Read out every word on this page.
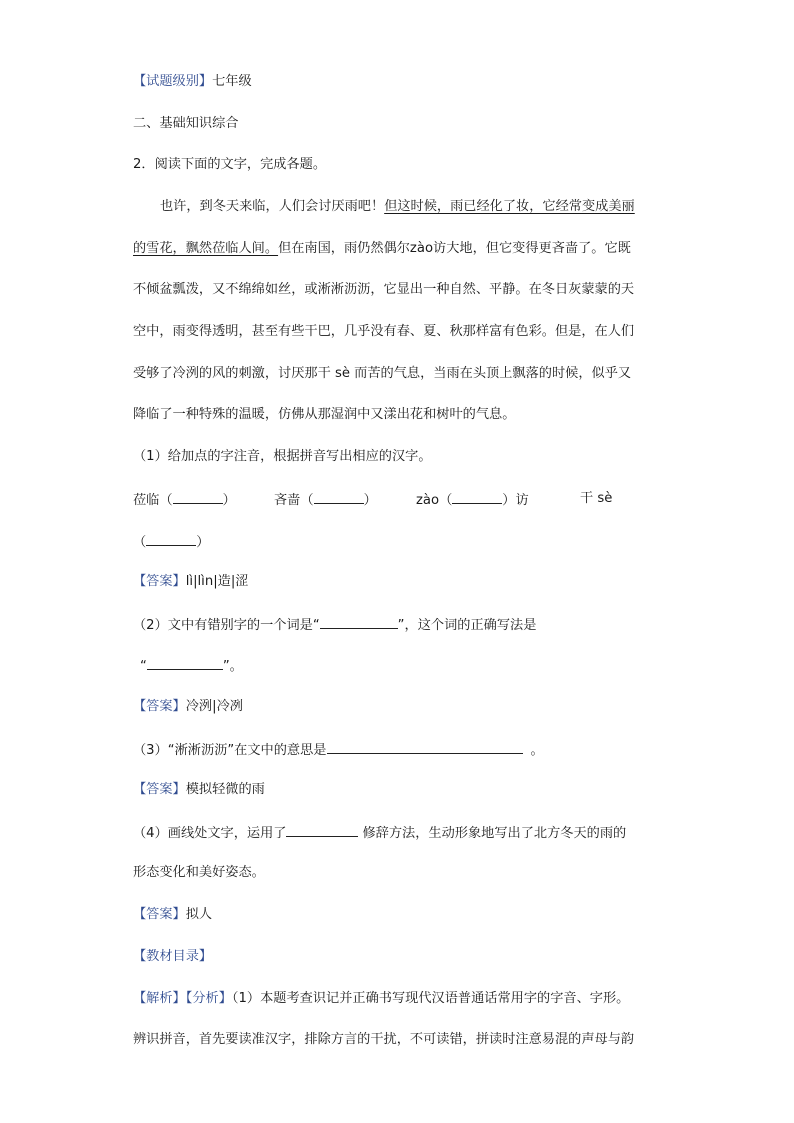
【试题级别】七年级
二、基础知识综合
2．阅读下面的文字，完成各题。
也许，到冬天来临，人们会讨厌雨吧！但这时候，雨已经化了妆，它经常变成美丽
的雪花，飘然莅临人间。但在南国，雨仍然偶尔zào访大地，但它变得更吝啬了。它既
不倾盆瓢泼，又不绵绵如丝，或淅淅沥沥，它显出一种自然、平静。在冬日灰蒙蒙的天
空中，雨变得透明，甚至有些干巴，几乎没有春、夏、秋那样富有色彩。但是，在人们
受够了冷洌的风的刺激，讨厌那干 sè 而苦的气息，当雨在头顶上飘落的时候，似乎又
降临了一种特殊的温暖，仿佛从那湿润中又漾出花和树叶的气息。
（1）给加点的字注音，根据拼音写出相应的汉字。
莅临（	）	吝啬（	）	zào（	）访	干 sè
（	）
【答案】lì|lìn|造|涩
（2）文中有错别字的一个词是“	”，这个词的正确写法是
“	”。
【答案】冷洌|冷冽
（3）“淅淅沥沥”在文中的意思是	。
【答案】模拟轻微的雨
（4）画线处文字，运用了	修辞方法，生动形象地写出了北方冬天的雨的
形态变化和美好姿态。
【答案】拟人
【教材目录】
【解析】【分析】（1）本题考查识记并正确书写现代汉语普通话常用字的字音、字形。
辨识拼音，首先要读准汉字，排除方言的干扰，不可读错，拼读时注意易混的声母与韵
